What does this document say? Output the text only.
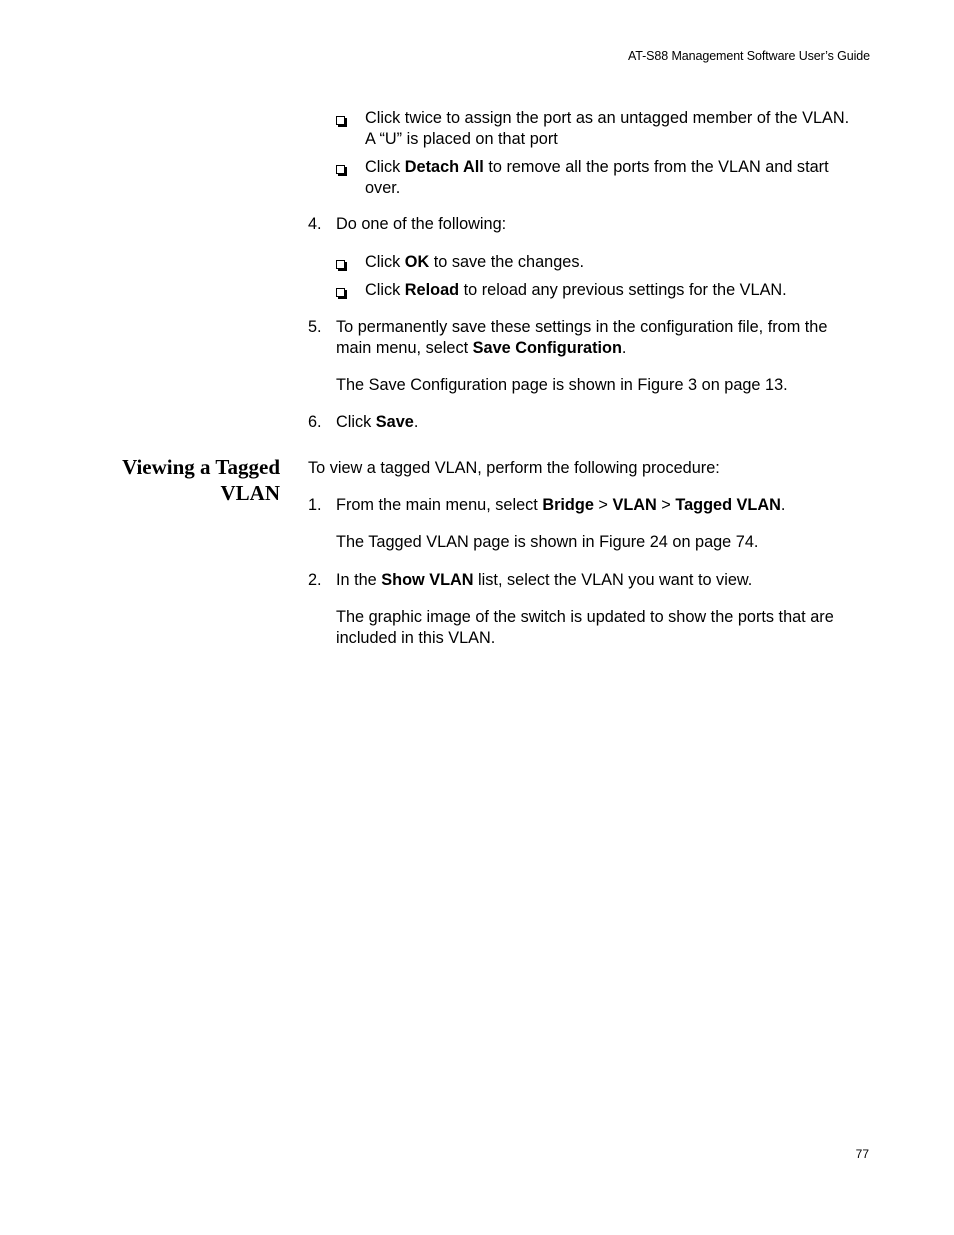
AT-S88 Management Software User’s Guide
Click twice to assign the port as an untagged member of the VLAN.
A “U” is placed on that port
Click Detach All to remove all the ports from the VLAN and start
over.
4. Do one of the following:
Click OK to save the changes.
Click Reload to reload any previous settings for the VLAN.
5. To permanently save these settings in the configuration file, from the
main menu, select Save Configuration.
The Save Configuration page is shown in Figure 3 on page 13.
6. Click Save.
Viewing a Tagged
VLAN
To view a tagged VLAN, perform the following procedure:
1. From the main menu, select Bridge > VLAN > Tagged VLAN.
The Tagged VLAN page is shown in Figure 24 on page 74.
2. In the Show VLAN list, select the VLAN you want to view.
The graphic image of the switch is updated to show the ports that are
included in this VLAN.
77
